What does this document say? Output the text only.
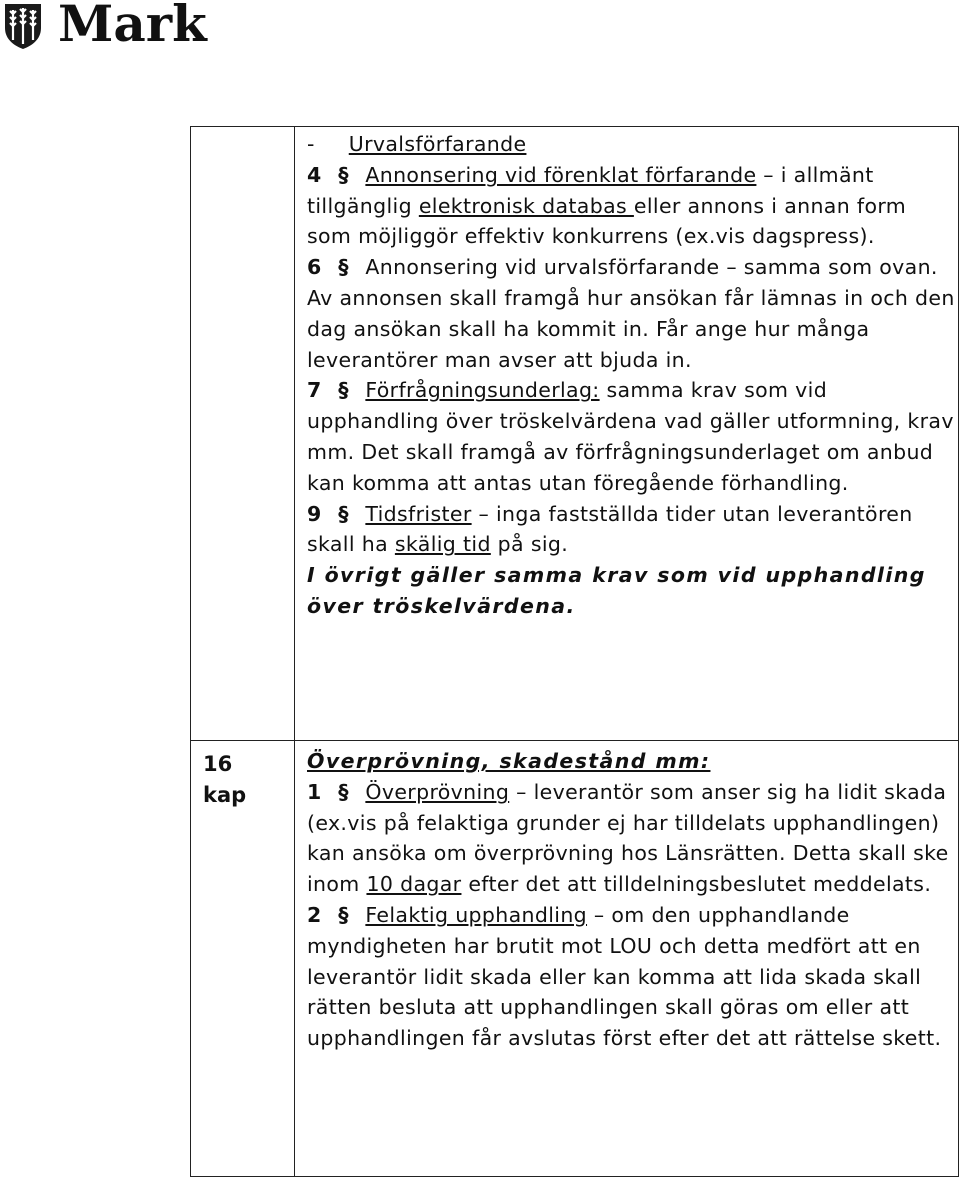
Mark

- Urvalsförfarande

4 § Annonsering vid förenklat förfarande – i allmänt tillgänglig elektronisk databas eller annons i annan form som möjliggör effektiv konkurrens (ex.vis dagspress).

6 § Annonsering vid urvalsförfarande – samma som ovan. Av annonsen skall framgå hur ansökan får lämnas in och den dag ansökan skall ha kommit in. Får ange hur många leverantörer man avser att bjuda in.

7 § Förfrågningsunderlag: samma krav som vid upphandling över tröskelvärdena vad gäller utformning, krav mm. Det skall framgå av förfrågningsunderlaget om anbud kan komma att antas utan föregående förhandling.

9 § Tidsfrister – inga fastställda tider utan leverantören skall ha skälig tid på sig.

I övrigt gäller samma krav som vid upphandling över tröskelvärdena.

16
kap

Överprövning, skadestånd mm:

1 § Överprövning – leverantör som anser sig ha lidit skada (ex.vis på felaktiga grunder ej har tilldelats upphandlingen) kan ansöka om överprövning hos Länsrätten. Detta skall ske inom 10 dagar efter det att tilldelningsbeslutet meddelats.

2 § Felaktig upphandling – om den upphandlande myndigheten har brutit mot LOU och detta medfört att en leverantör lidit skada eller kan komma att lida skada skall rätten besluta att upphandlingen skall göras om eller att upphandlingen får avslutas först efter det att rättelse skett.
